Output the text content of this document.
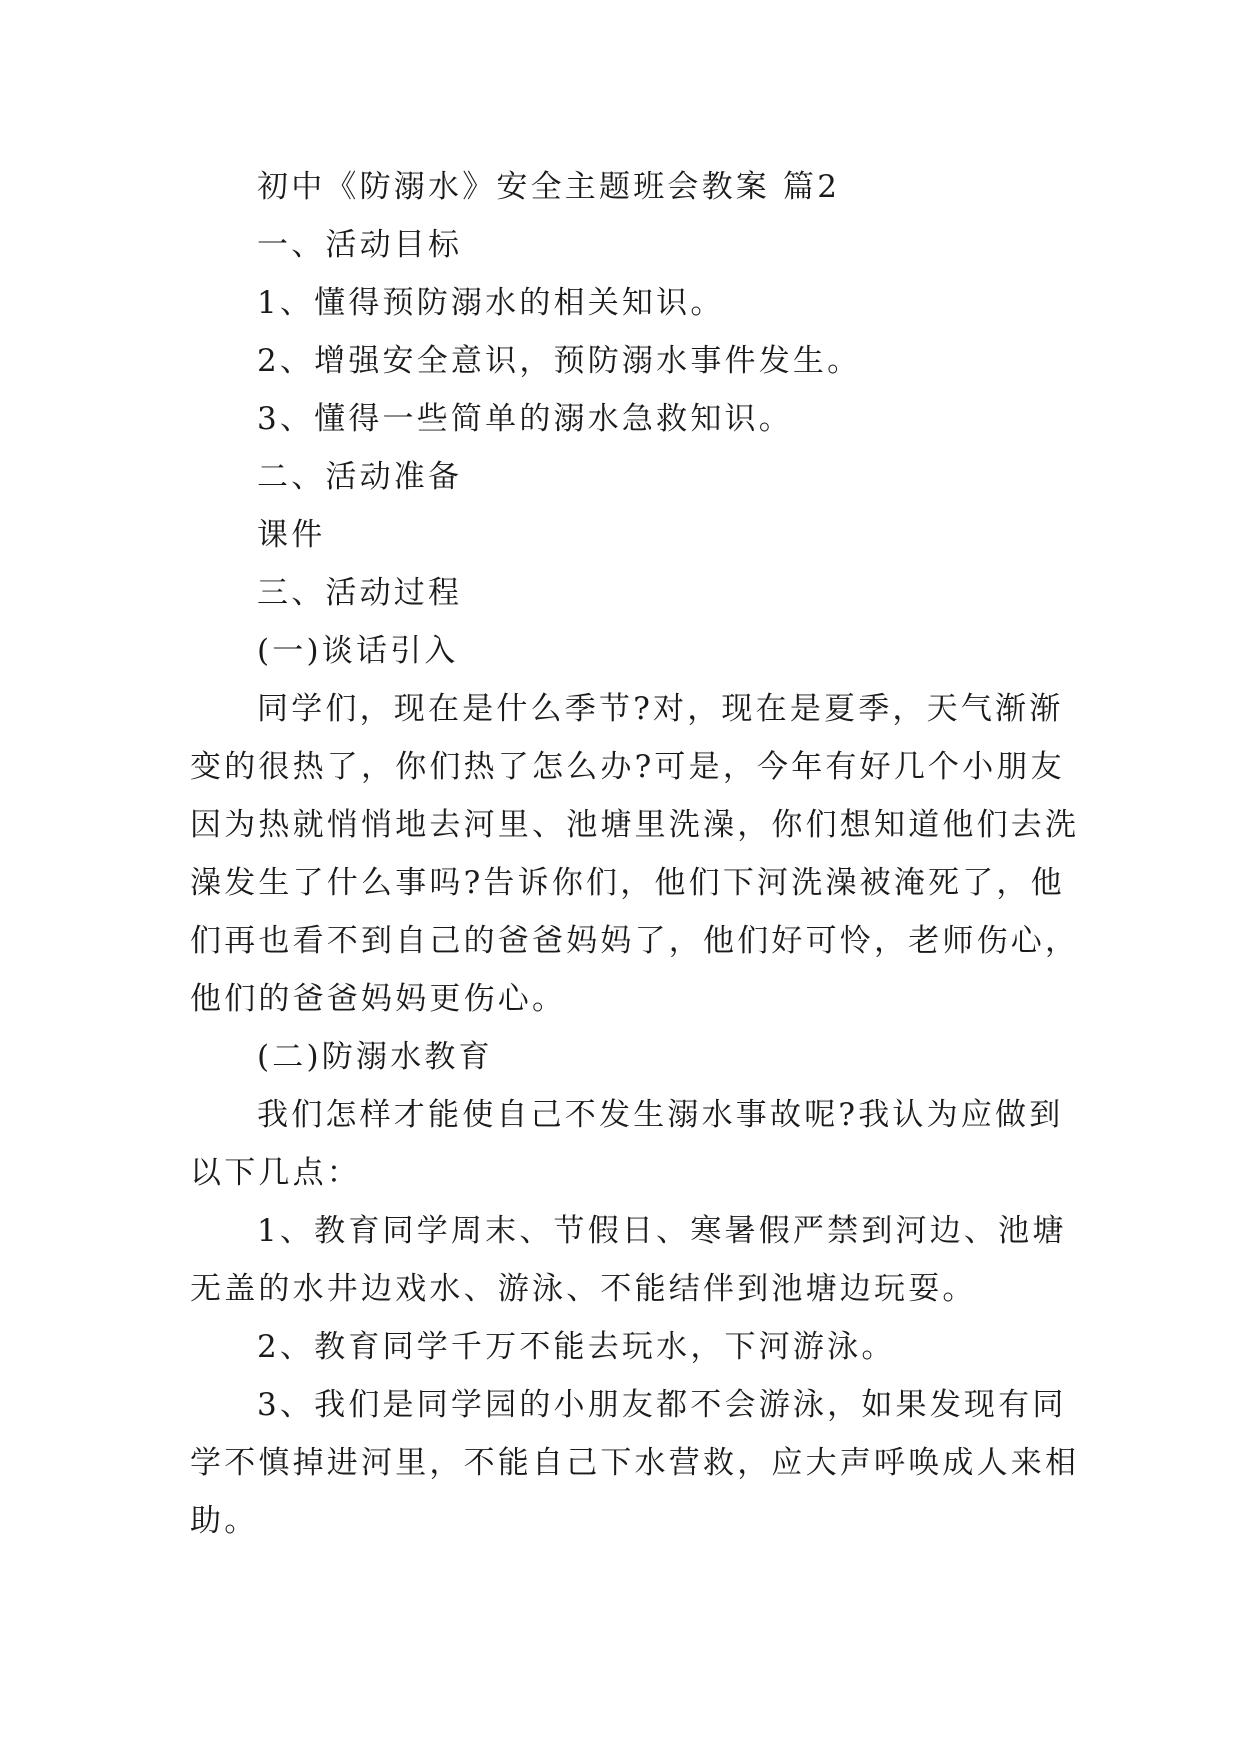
初中《防溺水》安全主题班会教案 篇2

一、活动目标

1、懂得预防溺水的相关知识。

2、增强安全意识，预防溺水事件发生。

3、懂得一些简单的溺水急救知识。

二、活动准备

课件

三、活动过程

(一)谈话引入

同学们，现在是什么季节?对，现在是夏季，天气渐渐

变的很热了，你们热了怎么办?可是，今年有好几个小朋友

因为热就悄悄地去河里、池塘里洗澡，你们想知道他们去洗

澡发生了什么事吗?告诉你们，他们下河洗澡被淹死了，他

们再也看不到自己的爸爸妈妈了，他们好可怜，老师伤心，

他们的爸爸妈妈更伤心。

(二)防溺水教育

我们怎样才能使自己不发生溺水事故呢?我认为应做到

以下几点：

1、教育同学周末、节假日、寒暑假严禁到河边、池塘

无盖的水井边戏水、游泳、不能结伴到池塘边玩耍。

2、教育同学千万不能去玩水，下河游泳。

3、我们是同学园的小朋友都不会游泳，如果发现有同

学不慎掉进河里，不能自己下水营救，应大声呼唤成人来相

助。
